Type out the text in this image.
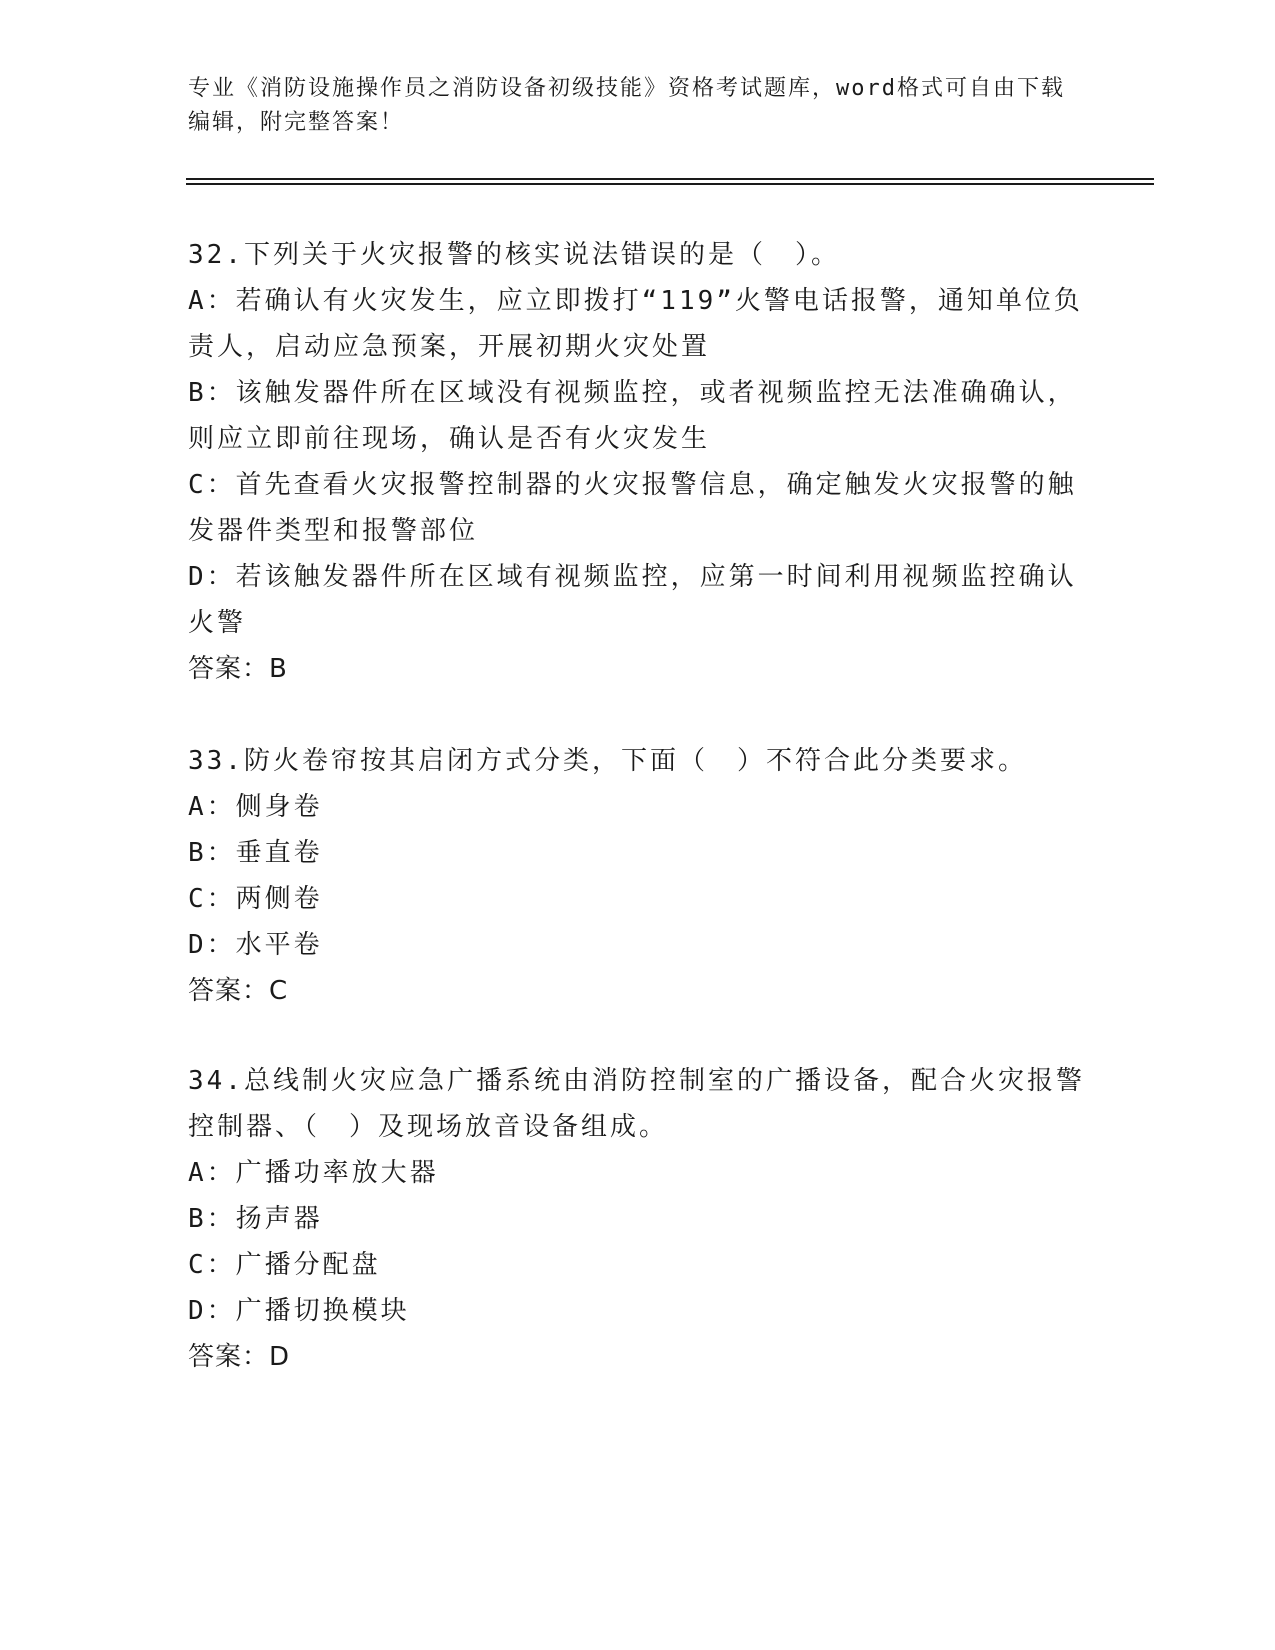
专业《消防设施操作员之消防设备初级技能》资格考试题库，word格式可自由下载编辑，附完整答案！

32.下列关于火灾报警的核实说法错误的是（　）。

A：若确认有火灾发生，应立即拨打“119”火警电话报警，通知单位负责人，启动应急预案，开展初期火灾处置

B：该触发器件所在区域没有视频监控，或者视频监控无法准确确认，则应立即前往现场，确认是否有火灾发生

C：首先查看火灾报警控制器的火灾报警信息，确定触发火灾报警的触发器件类型和报警部位

D：若该触发器件所在区域有视频监控，应第一时间利用视频监控确认火警

答案：B

33.防火卷帘按其启闭方式分类，下面（　）不符合此分类要求。

A：侧身卷

B：垂直卷

C：两侧卷

D：水平卷

答案：C

34.总线制火灾应急广播系统由消防控制室的广播设备，配合火灾报警控制器、（　）及现场放音设备组成。

A：广播功率放大器

B：扬声器

C：广播分配盘

D：广播切换模块

答案：D
